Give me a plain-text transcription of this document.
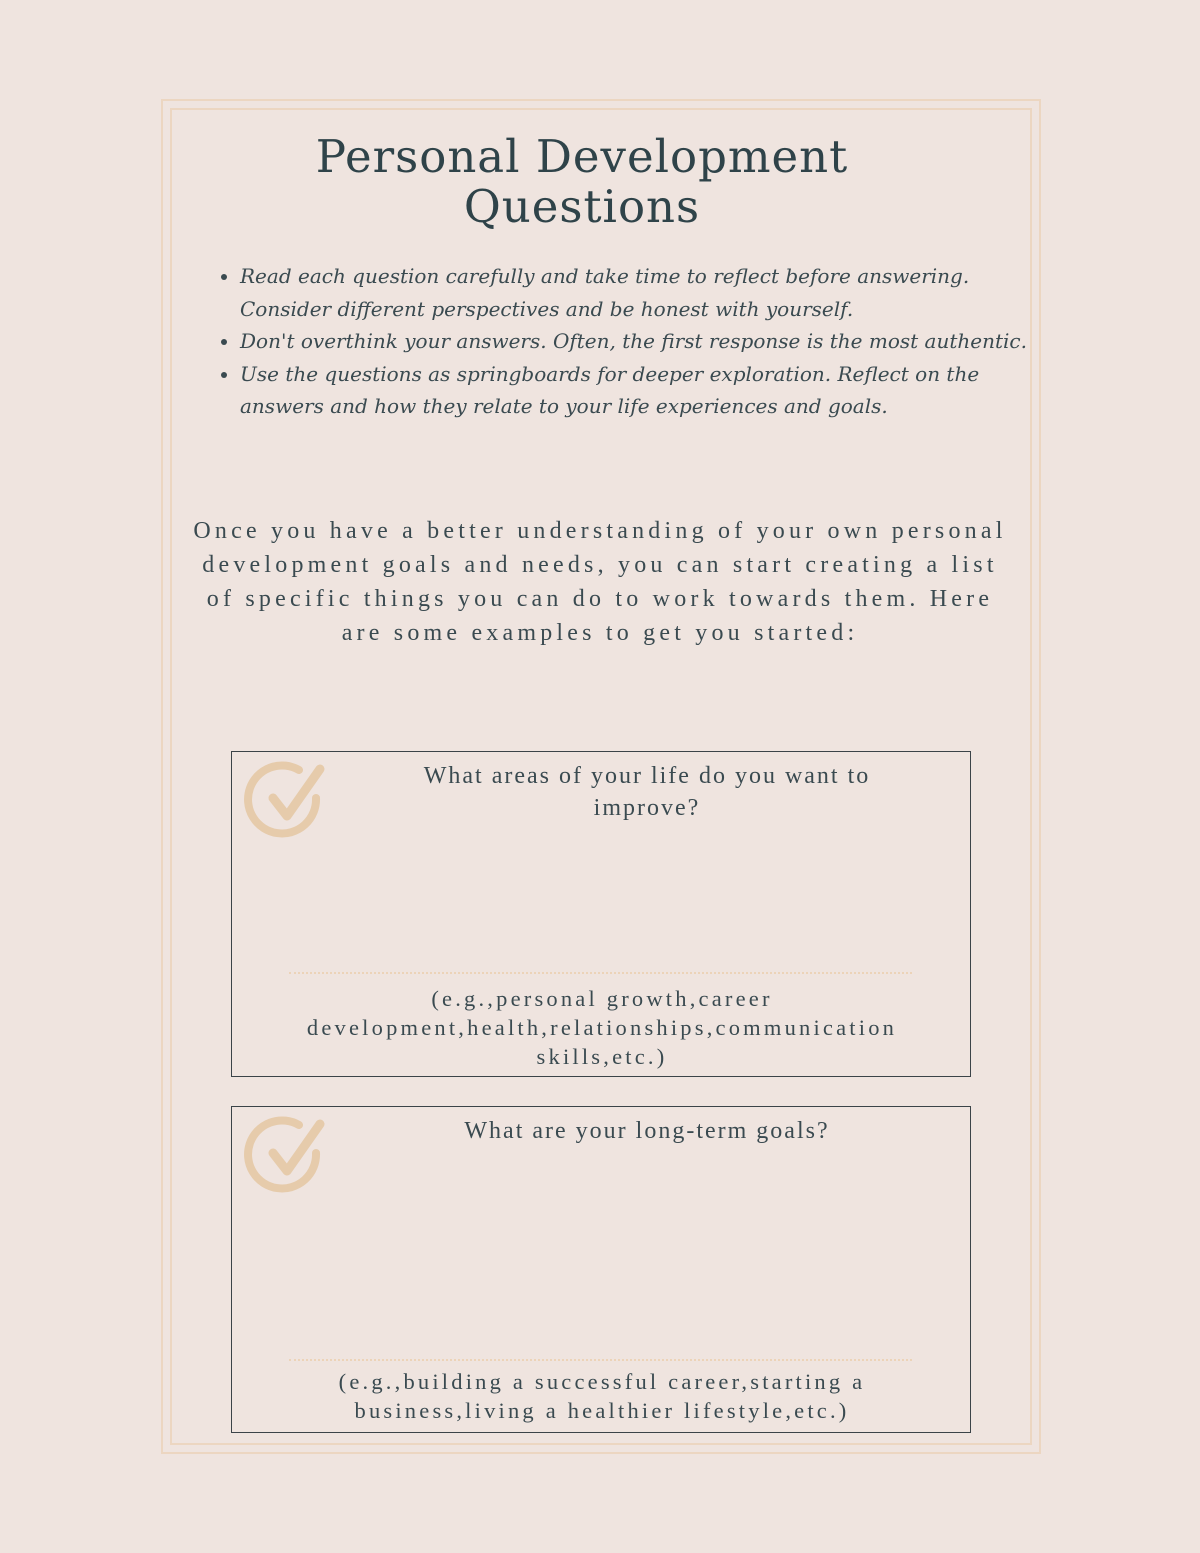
Personal Development Questions
• Read each question carefully and take time to reflect before answering. Consider different perspectives and be honest with yourself.
• Don't overthink your answers. Often, the first response is the most authentic.
• Use the questions as springboards for deeper exploration. Reflect on the answers and how they relate to your life experiences and goals.

Once you have a better understanding of your own personal development goals and needs, you can start creating a list of specific things you can do to work towards them. Here are some examples to get you started:

What areas of your life do you want to improve?

(e.g.,personal growth,career development,health,relationships,communication skills,etc.)

What are your long-term goals?

(e.g.,building a successful career,starting a business,living a healthier lifestyle,etc.)
